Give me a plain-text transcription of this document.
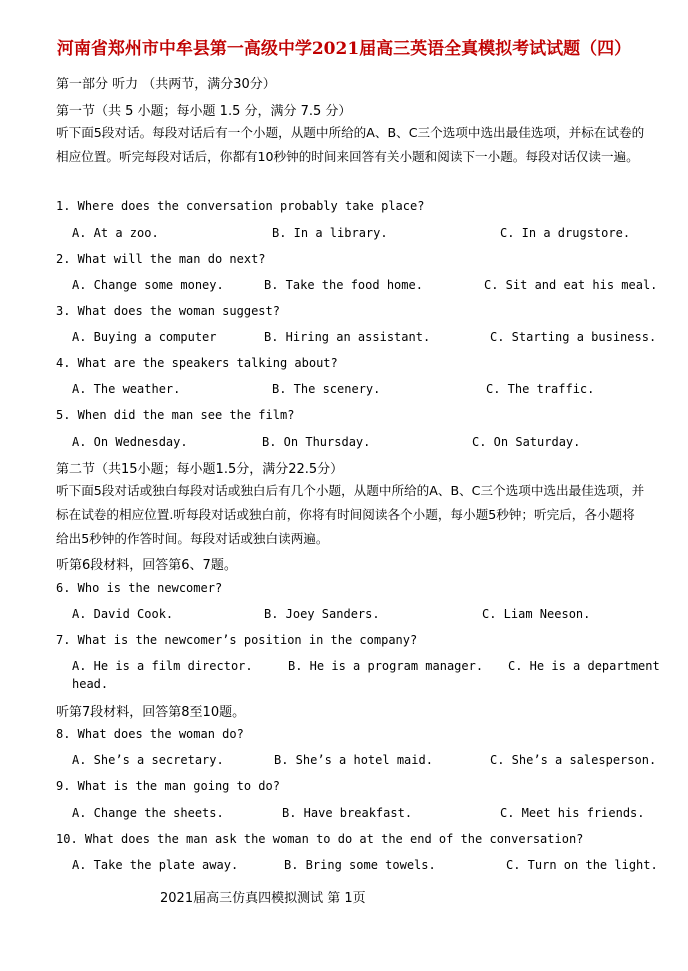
河南省郑州市中牟县第一高级中学2021届高三英语全真模拟考试试题（四）
第一部分 听力 （共两节，满分30分）
第一节（共 5 小题；每小题 1.5 分，满分 7.5 分）
听下面5段对话。每段对话后有一个小题，从题中所给的A、B、C三个选项中选出最佳选项，并标在试卷的相应位置。听完每段对话后，你都有10秒钟的时间来回答有关小题和阅读下一小题。每段对话仅读一遍。
1. Where does the conversation probably take place?
A. At a zoo.	B. In a library.	C. In a drugstore.
2. What will the man do next?
A. Change some money.	B. Take the food home.	C. Sit and eat his meal.
3. What does the woman suggest?
A. Buying a computer	B. Hiring an assistant.	C. Starting a business.
4. What are the speakers talking about?
A. The weather.	B. The scenery.	C. The traffic.
5. When did the man see the film?
A. On Wednesday.	B. On Thursday.	C. On Saturday.
第二节（共15小题；每小题1.5分，满分22.5分）
听下面5段对话或独白每段对话或独白后有几个小题，从题中所给的A、B、C三个选项中选出最佳选项，并标在试卷的相应位置.听每段对话或独白前，你将有时间阅读各个小题，每小题5秒钟；听完后，各小题将给出5秒钟的作答时间。每段对话或独白读两遍。
听第6段材料，回答第6、7题。
6. Who is the newcomer?
A. David Cook.	B. Joey Sanders.	C. Liam Neeson.
7. What is the newcomer’s position in the company?
A. He is a film director.	B. He is a program manager. C. He is a department
head.
听第7段材料，回答第8至10题。
8. What does the woman do?
A. She’s a secretary.	B. She’s a hotel maid.	C. She’s a salesperson.
9. What is the man going to do?
A. Change the sheets.	B. Have breakfast.	C. Meet his friends.
10. What does the man ask the woman to do at the end of the conversation?
A. Take the plate away.	B. Bring some towels.	C. Turn on the light.
2021届高三仿真四模拟测试 第 1页
